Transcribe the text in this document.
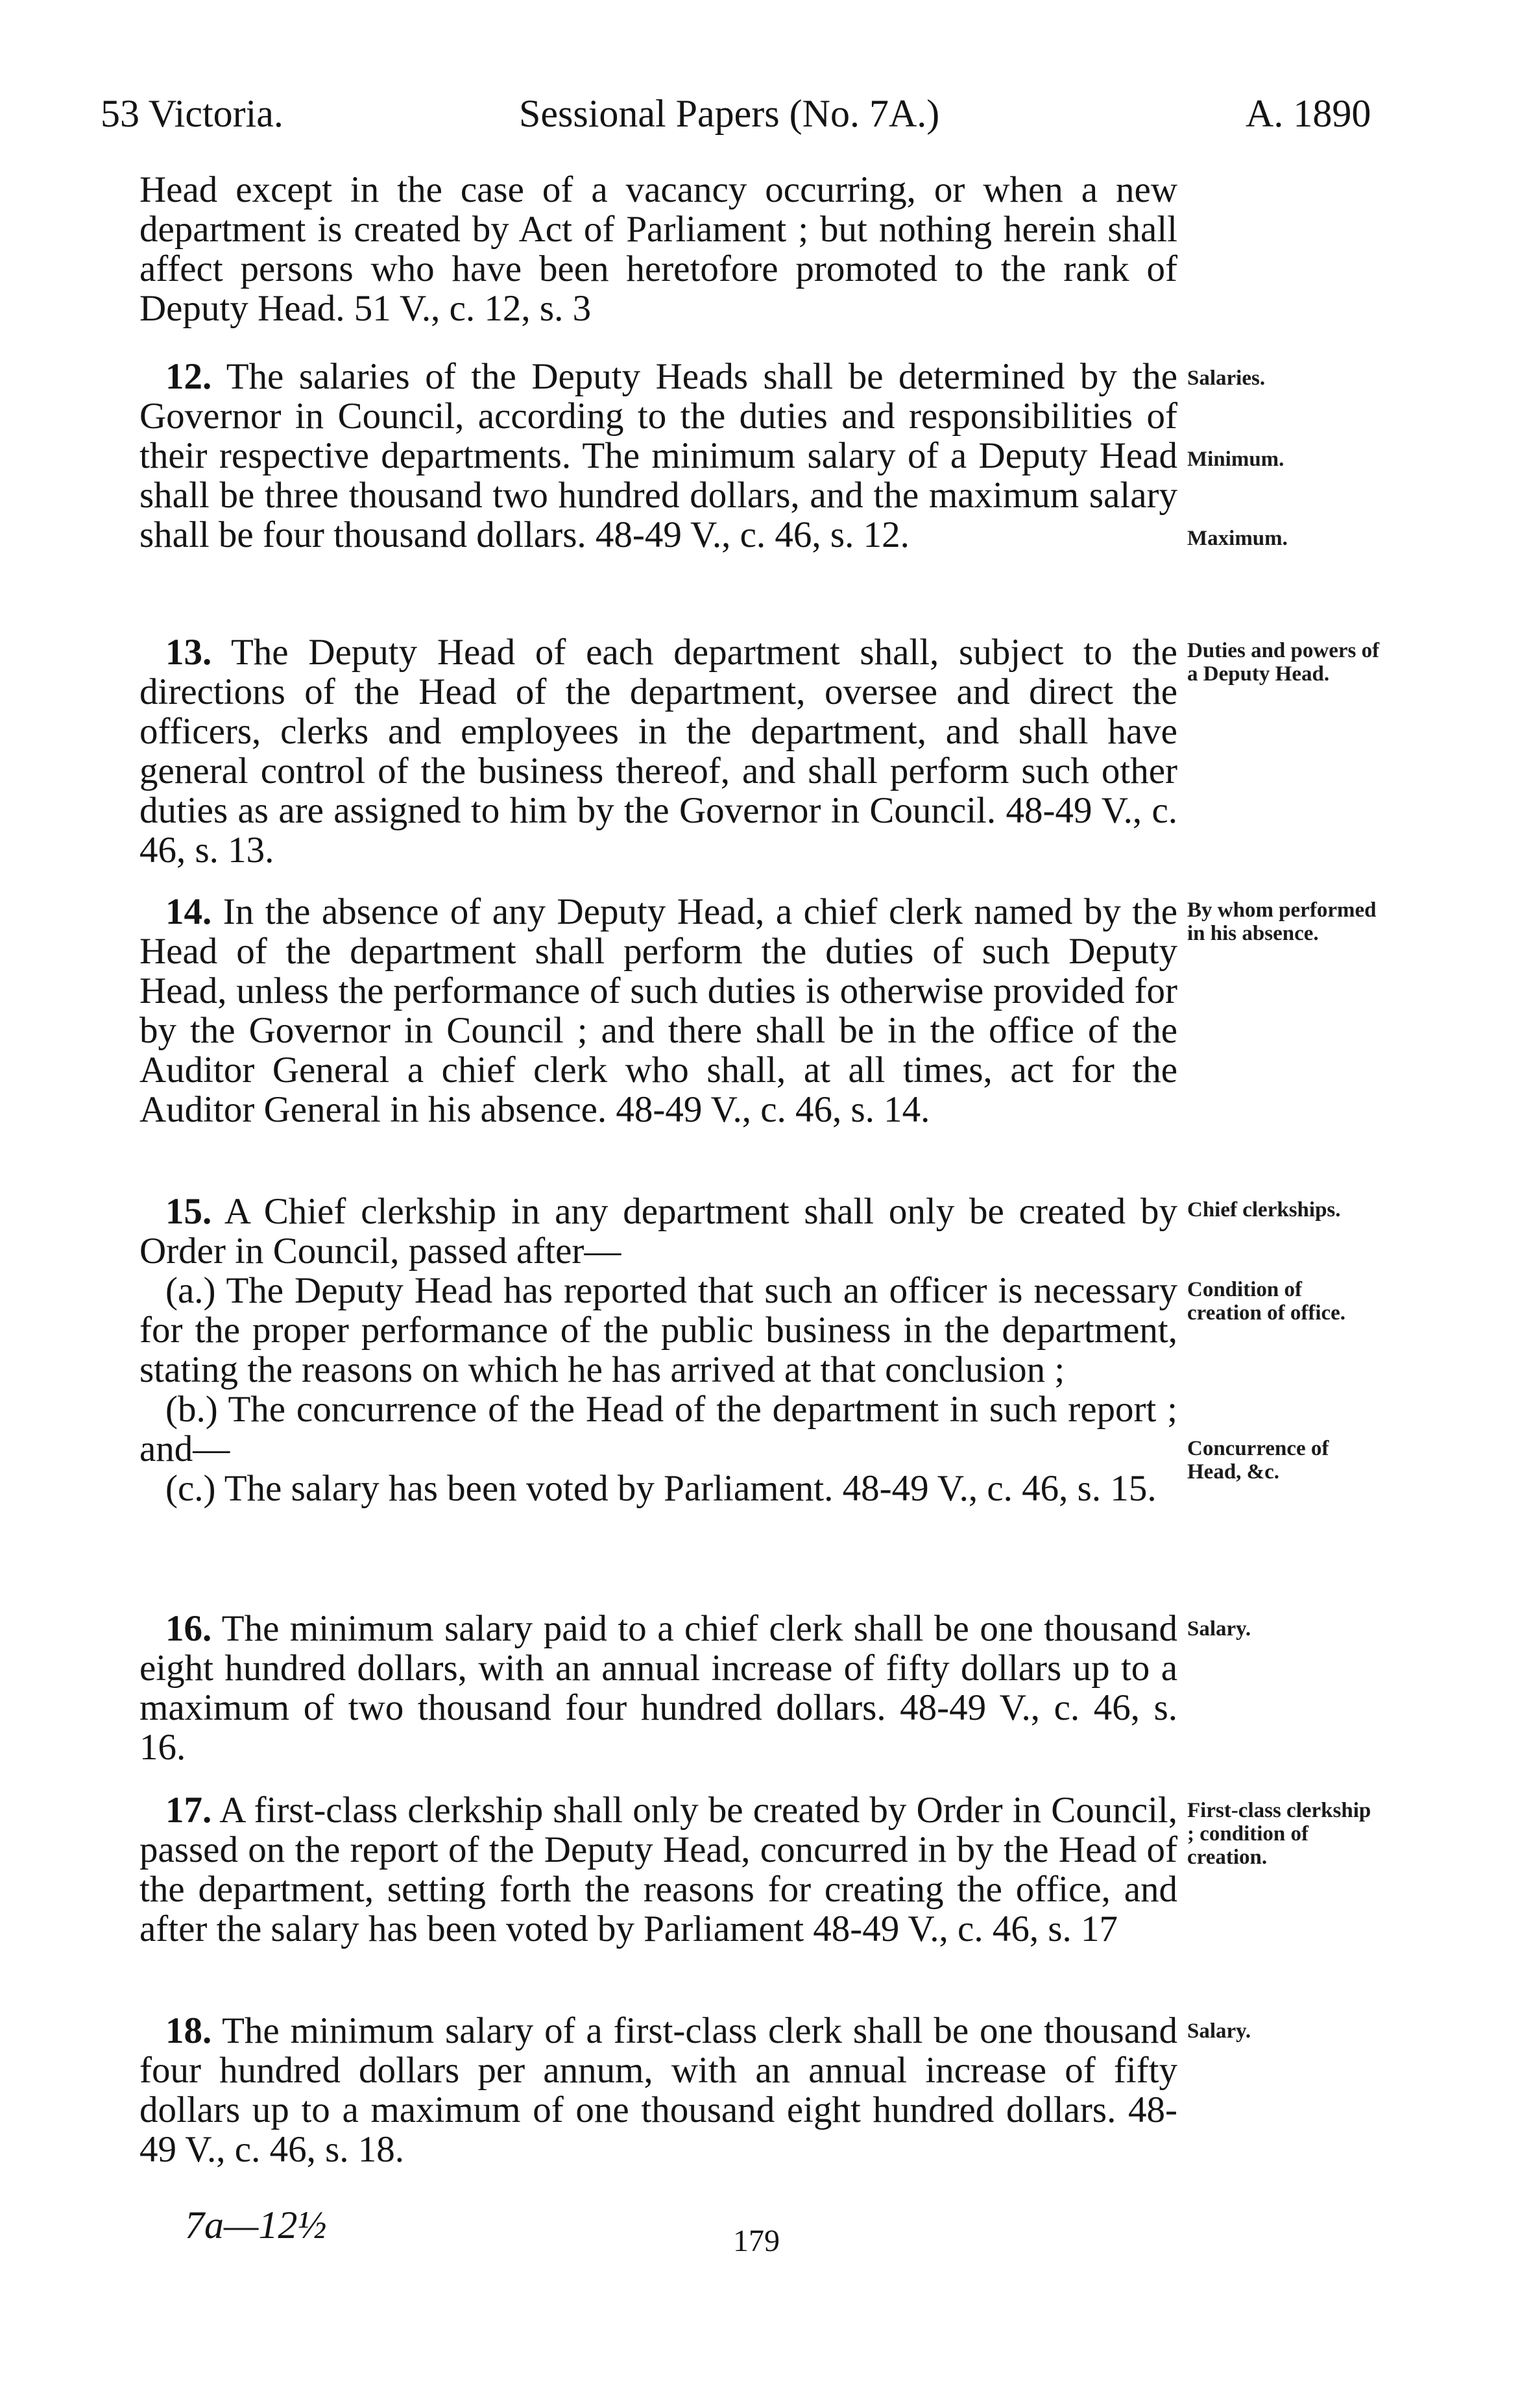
53 Victoria.	Sessional Papers (No. 7A.)	A. 1890

Head except in the case of a vacancy occurring, or when a new department is created by Act of Parliament ; but nothing herein shall affect persons who have been heretofore promoted to the rank of Deputy Head. 51 V., c. 12, s. 3

12. The salaries of the Deputy Heads shall be determined by the Governor in Council, according to the duties and responsibilities of their respective departments. The minimum salary of a Deputy Head shall be three thousand two hundred dollars, and the maximum salary shall be four thousand dollars. 48-49 V., c. 46, s. 12.

Salaries.
Minimum.
Maximum.

13. The Deputy Head of each department shall, subject to the directions of the Head of the department, oversee and direct the officers, clerks and employees in the department, and shall have general control of the business thereof, and shall perform such other duties as are assigned to him by the Governor in Council. 48-49 V., c. 46, s. 13.

Duties and powers of a Deputy Head.

14. In the absence of any Deputy Head, a chief clerk named by the Head of the department shall perform the duties of such Deputy Head, unless the performance of such duties is otherwise provided for by the Governor in Council ; and there shall be in the office of the Auditor General a chief clerk who shall, at all times, act for the Auditor General in his absence. 48-49 V., c. 46, s. 14.

By whom performed in his absence.

15. A Chief clerkship in any department shall only be created by Order in Council, passed after—

(a.) The Deputy Head has reported that such an officer is necessary for the proper performance of the public business in the department, stating the reasons on which he has arrived at that conclusion ;

(b.) The concurrence of the Head of the department in such report ; and—

(c.) The salary has been voted by Parliament. 48-49 V., c. 46, s. 15.

Chief clerkships.
Condition of creation of office.
Concurrence of Head, &c.

16. The minimum salary paid to a chief clerk shall be one thousand eight hundred dollars, with an annual increase of fifty dollars up to a maximum of two thousand four hundred dollars. 48-49 V., c. 46, s. 16.

Salary.

17. A first-class clerkship shall only be created by Order in Council, passed on the report of the Deputy Head, concurred in by the Head of the department, setting forth the reasons for creating the office, and after the salary has been voted by Parliament 48-49 V., c. 46, s. 17

First-class clerkship ; condition of creation.

18. The minimum salary of a first-class clerk shall be one thousand four hundred dollars per annum, with an annual increase of fifty dollars up to a maximum of one thousand eight hundred dollars. 48-49 V., c. 46, s. 18.

Salary.
7a—12½	179
